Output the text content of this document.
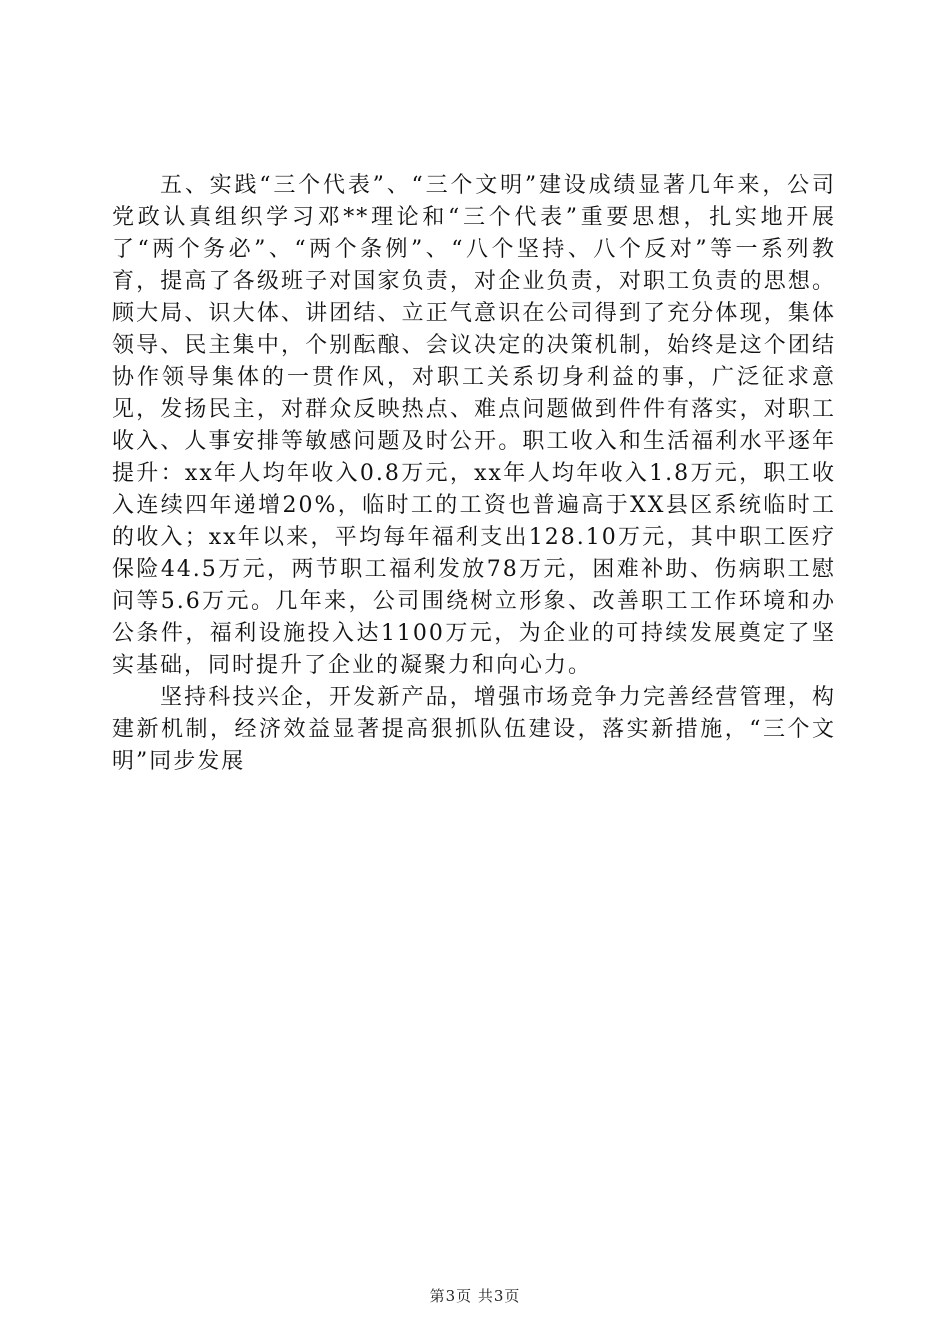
五、实践“三个代表”、“三个文明”建设成绩显著几年来，公司党政认真组织学习邓**理论和“三个代表”重要思想，扎实地开展了“两个务必”、“两个条例”、“八个坚持、八个反对”等一系列教育，提高了各级班子对国家负责，对企业负责，对职工负责的思想。顾大局、识大体、讲团结、立正气意识在公司得到了充分体现，集体领导、民主集中，个别酝酿、会议决定的决策机制，始终是这个团结协作领导集体的一贯作风，对职工关系切身利益的事，广泛征求意见，发扬民主，对群众反映热点、难点问题做到件件有落实，对职工收入、人事安排等敏感问题及时公开。职工收入和生活福利水平逐年提升：xx年人均年收入0.8万元，xx年人均年收入1.8万元，职工收入连续四年递增20%，临时工的工资也普遍高于XX县区系统临时工的收入；xx年以来，平均每年福利支出128.10万元，其中职工医疗保险44.5万元，两节职工福利发放78万元，困难补助、伤病职工慰问等5.6万元。几年来，公司围绕树立形象、改善职工工作环境和办公条件，福利设施投入达1100万元，为企业的可持续发展奠定了坚实基础，同时提升了企业的凝聚力和向心力。

坚持科技兴企，开发新产品，增强市场竞争力完善经营管理，构建新机制，经济效益显著提高狠抓队伍建设，落实新措施，“三个文明”同步发展

第3页 共3页
